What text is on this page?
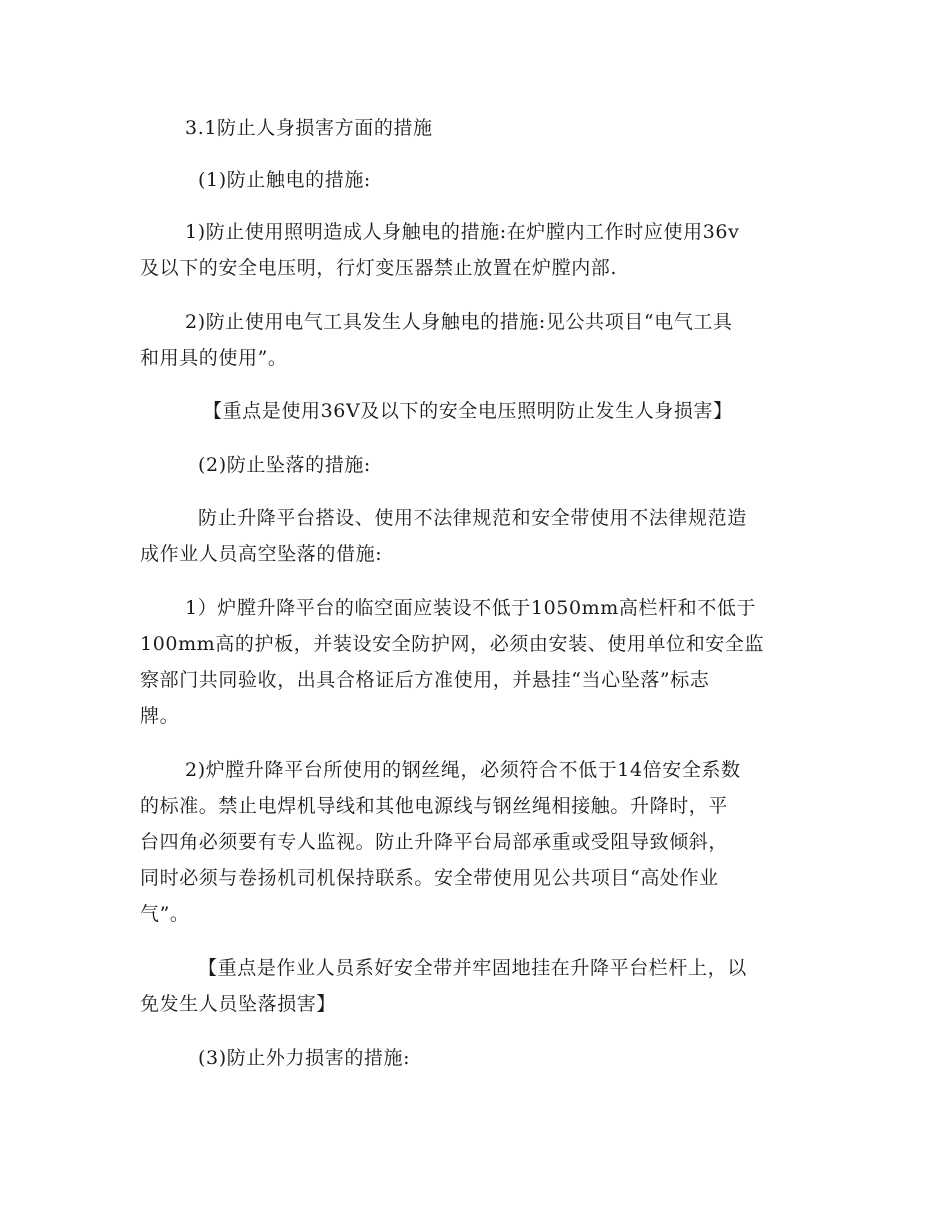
3.1防止人身损害方面的措施
(1)防止触电的措施:
1)防止使用照明造成人身触电的措施:在炉膛内工作时应使用36v
及以下的安全电压明，行灯变压器禁止放置在炉膛内部.
2)防止使用电气工具发生人身触电的措施:见公共项目“电气工具
和用具的使用”。
【重点是使用36V及以下的安全电压照明防止发生人身损害】
(2)防止坠落的措施:
防止升降平台搭设、使用不法律规范和安全带使用不法律规范造
成作业人员高空坠落的借施:
1）炉膛升降平台的临空面应装设不低于1050mm高栏杆和不低于
100mm高的护板，并装设安全防护网，必须由安装、使用单位和安全监
察部门共同验收，出具合格证后方准使用，并悬挂“当心坠落”标志
牌。
2)炉膛升降平台所使用的钢丝绳，必须符合不低于14倍安全系数
的标准。禁止电焊机导线和其他电源线与钢丝绳相接触。升降时，平
台四角必须要有专人监视。防止升降平台局部承重或受阻导致倾斜，
同时必须与卷扬机司机保持联系。安全带使用见公共项目“高处作业
气”。
【重点是作业人员系好安全带并牢固地挂在升降平台栏杆上，以
免发生人员坠落损害】
(3)防止外力损害的措施:
